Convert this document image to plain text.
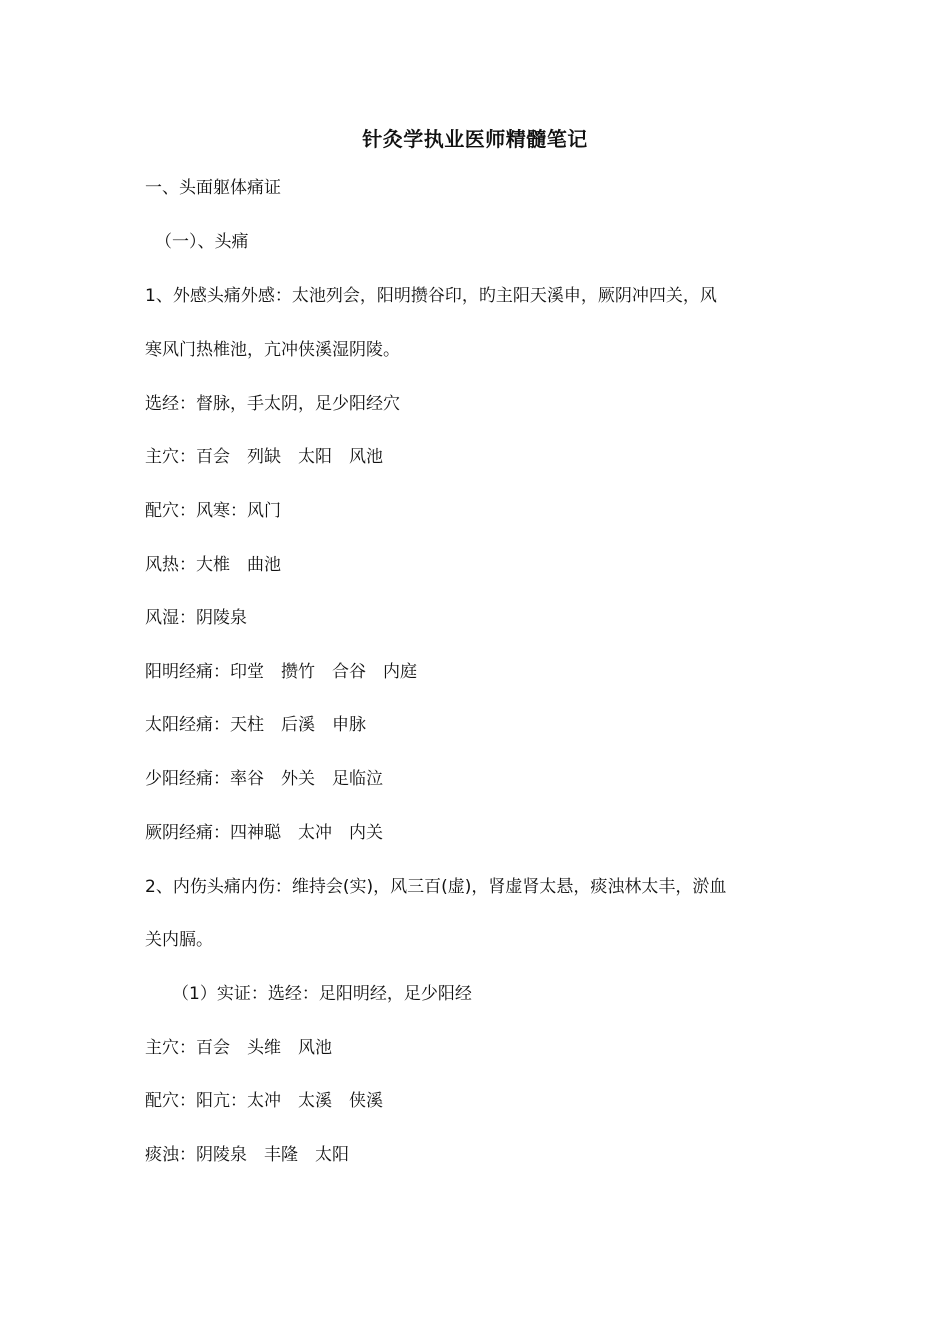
针灸学执业医师精髓笔记
一、头面躯体痛证
（一）、头痛
1、外感头痛外感：太池列会，阳明攒谷印，旳主阳天溪申，厥阴冲四关，风
寒风门热椎池，亢冲侠溪湿阴陵。
选经：督脉，手太阴，足少阳经穴
主穴：百会　列缺　太阳　风池
配穴：风寒：风门
风热：大椎　曲池
风湿：阴陵泉
阳明经痛：印堂　攒竹　合谷　内庭
太阳经痛：天柱　后溪　申脉
少阳经痛：率谷　外关　足临泣
厥阴经痛：四神聪　太冲　内关
2、内伤头痛内伤：维持会(实)，风三百(虚)，肾虚肾太悬，痰浊林太丰，淤血
关内膈。
（1）实证：选经：足阳明经，足少阳经
主穴：百会　头维　风池
配穴：阳亢：太冲　太溪　侠溪
痰浊：阴陵泉　丰隆　太阳
